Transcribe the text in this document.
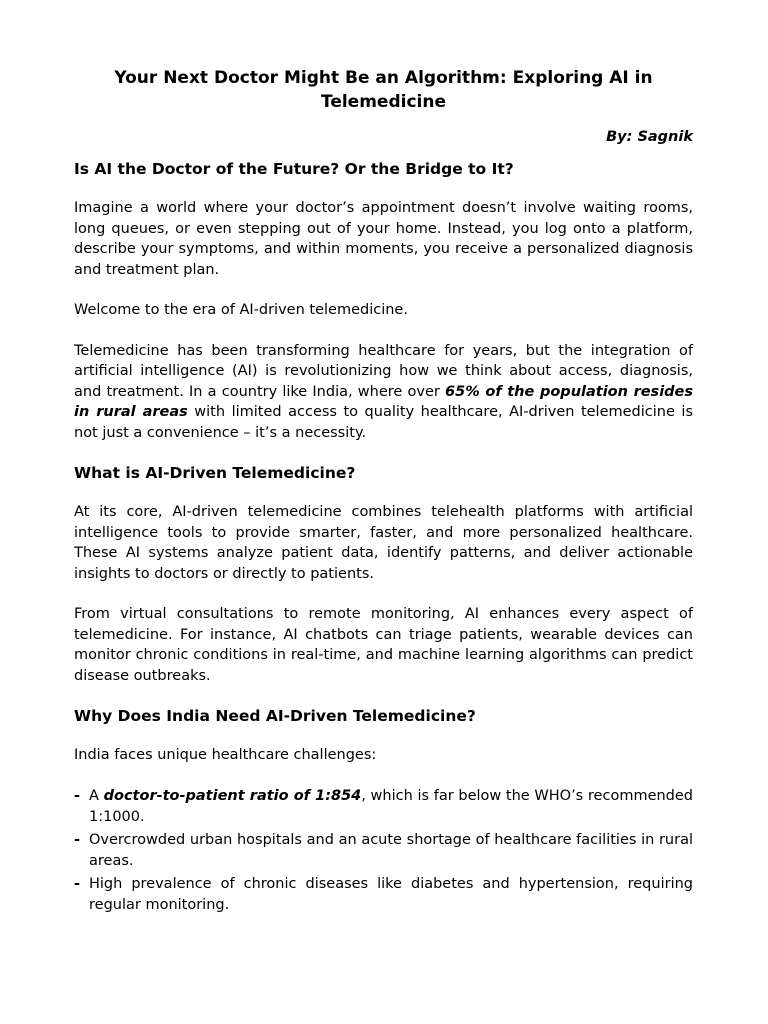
Your Next Doctor Might Be an Algorithm: Exploring AI in Telemedicine
By: Sagnik
Is AI the Doctor of the Future? Or the Bridge to It?

Imagine a world where your doctor’s appointment doesn’t involve waiting rooms, long queues, or even stepping out of your home. Instead, you log onto a platform, describe your symptoms, and within moments, you receive a personalized diagnosis and treatment plan.

Welcome to the era of AI-driven telemedicine.

Telemedicine has been transforming healthcare for years, but the integration of artificial intelligence (AI) is revolutionizing how we think about access, diagnosis, and treatment. In a country like India, where over 65% of the population resides in rural areas with limited access to quality healthcare, AI-driven telemedicine is not just a convenience – it’s a necessity.

What is AI-Driven Telemedicine?

At its core, AI-driven telemedicine combines telehealth platforms with artificial intelligence tools to provide smarter, faster, and more personalized healthcare. These AI systems analyze patient data, identify patterns, and deliver actionable insights to doctors or directly to patients.

From virtual consultations to remote monitoring, AI enhances every aspect of telemedicine. For instance, AI chatbots can triage patients, wearable devices can monitor chronic conditions in real-time, and machine learning algorithms can predict disease outbreaks.

Why Does India Need AI-Driven Telemedicine?

India faces unique healthcare challenges:

- A doctor-to-patient ratio of 1:854, which is far below the WHO’s recommended 1:1000.
- Overcrowded urban hospitals and an acute shortage of healthcare facilities in rural areas.
- High prevalence of chronic diseases like diabetes and hypertension, requiring regular monitoring.
